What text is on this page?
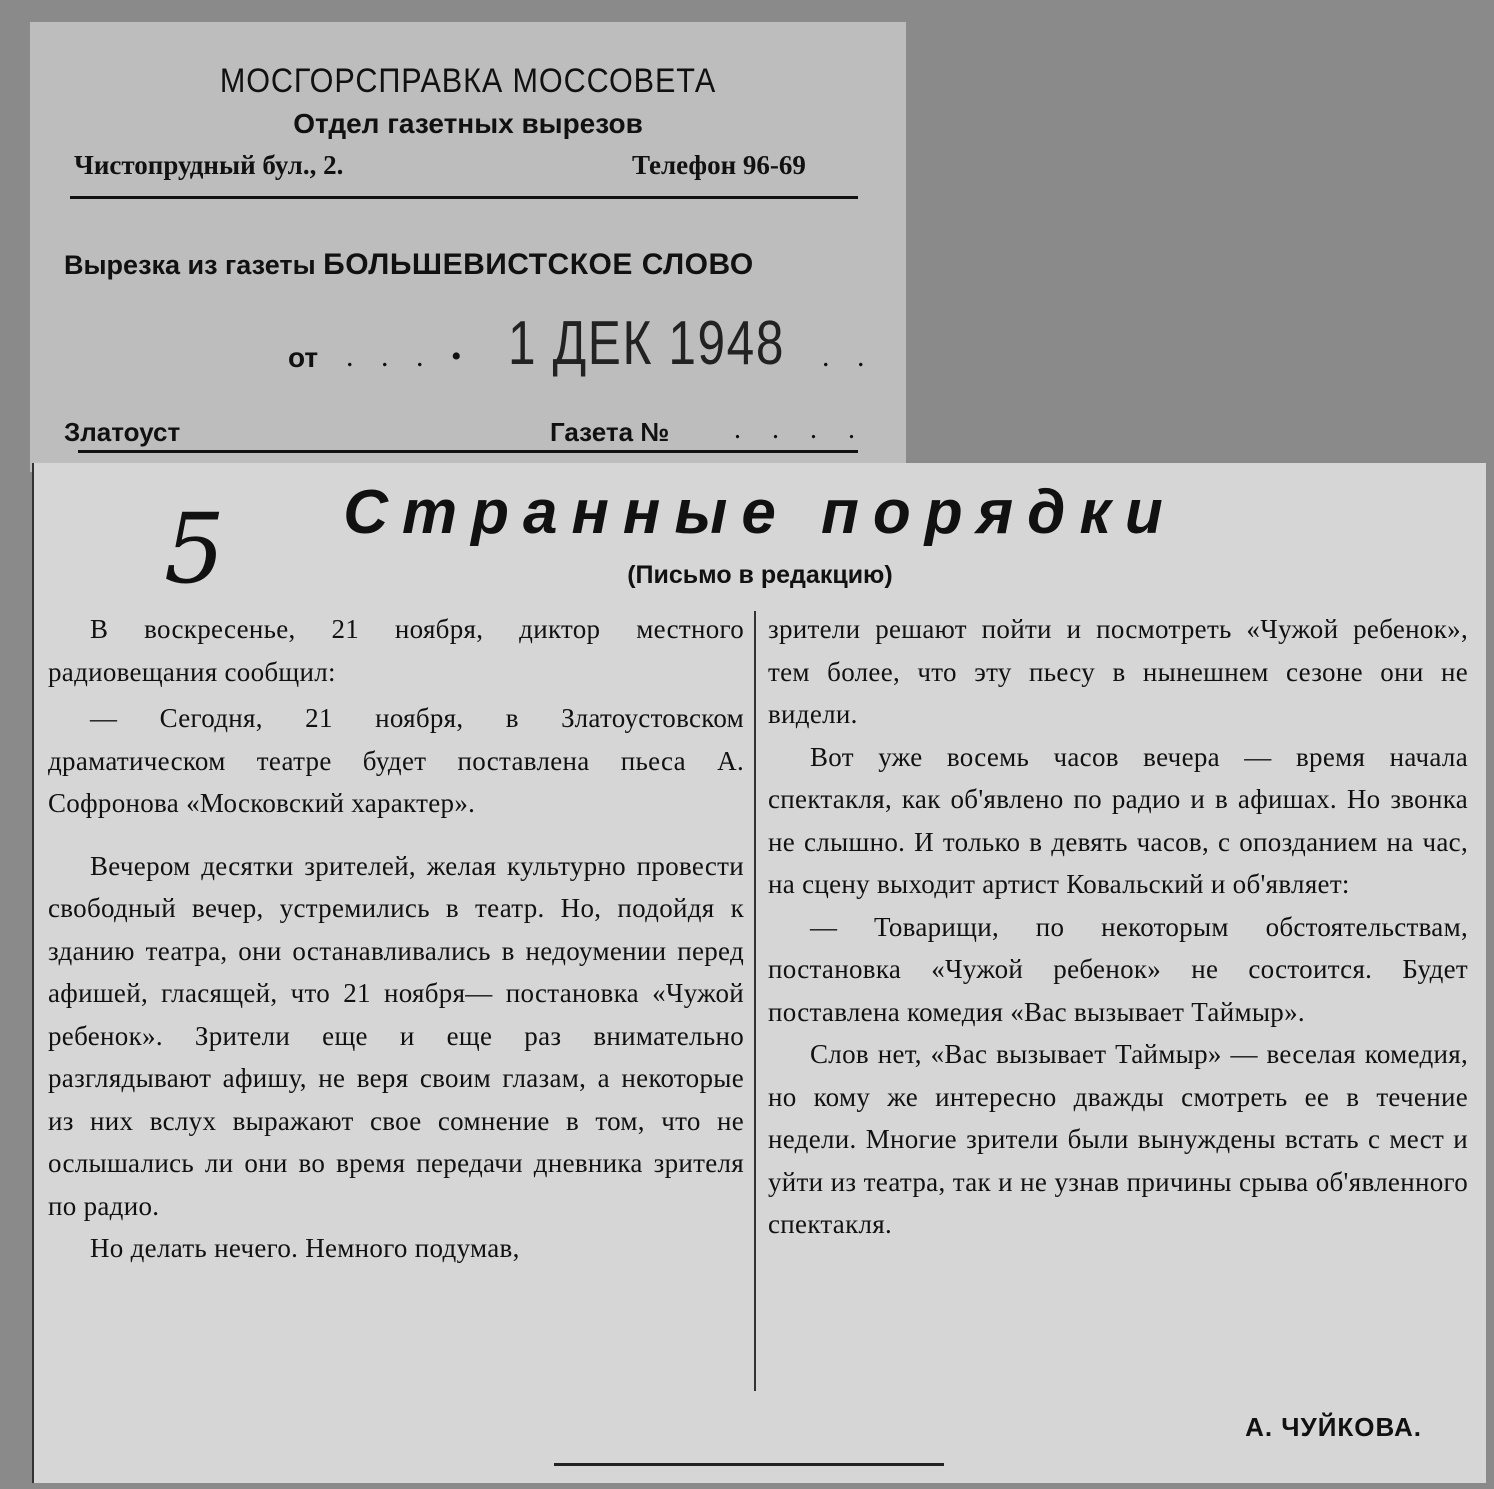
МОСГОРСПРАВКА МОССОВЕТА
Отдел газетных вырезов
Чистопрудный бул., 2.	Телефон 96-69
Вырезка из газеты БОЛЬШЕВИСТСКОЕ СЛОВО
от . . . • 1 ДЕК 1948 . .
Златоуст	Газета № . . . .
5	Странные порядки
(Письмо в редакцию)

В воскресенье, 21 ноября, диктор местного радиовещания сообщил:

— Сегодня, 21 ноября, в Златоустовском драматическом театре будет поставлена пьеса А. Софронова «Московский характер».

Вечером десятки зрителей, желая культурно провести свободный вечер, устремились в театр. Но, подойдя к зданию театра, они останавливались в недоумении перед афишей, гласящей, что 21 ноября— постановка «Чужой ребенок». Зрители еще и еще раз внимательно разглядывают афишу, не веря своим глазам, а некоторые из них вслух выражают свое сомнение в том, что не ослышались ли они во время передачи дневника зрителя по радио.

Но делать нечего. Немного подумав,

зрители решают пойти и посмотреть «Чужой ребенок», тем более, что эту пьесу в нынешнем сезоне они не видели.

Вот уже восемь часов вечера — время начала спектакля, как об'явлено по радио и в афишах. Но звонка не слышно. И только в девять часов, с опозданием на час, на сцену выходит артист Ковальский и об'являет:

— Товарищи, по некоторым обстоятельствам, постановка «Чужой ребенок» не состоится. Будет поставлена комедия «Вас вызывает Таймыр».

Слов нет, «Вас вызывает Таймыр» — веселая комедия, но кому же интересно дважды смотреть ее в течение недели. Многие зрители были вынуждены встать с мест и уйти из театра, так и не узнав причины срыва об'явленного спектакля.

А. ЧУЙКОВА.
